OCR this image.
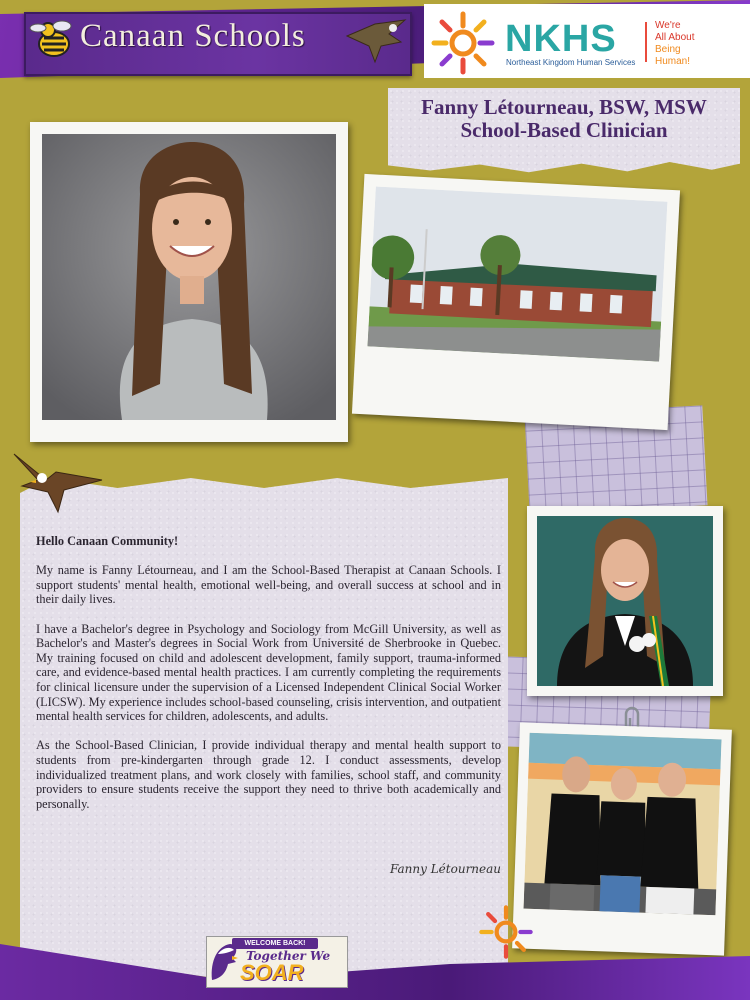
Canaan Schools	NKHS
Northeast Kingdom Human Services
We're
All About
Being
Human!
Fanny Létourneau, BSW, MSW
School-Based Clinician

Hello Canaan Community!

My name is Fanny Létourneau, and I am the School-Based Therapist at Canaan Schools. I support students' mental health, emotional well-being, and overall success at school and in their daily lives.

I have a Bachelor's degree in Psychology and Sociology from McGill University, as well as Bachelor's and Master's degrees in Social Work from Université de Sherbrooke in Quebec. My training focused on child and adolescent development, family support, trauma-informed care, and evidence-based mental health practices. I am currently completing the requirements for clinical licensure under the supervision of a Licensed Independent Clinical Social Worker (LICSW). My experience includes school-based counseling, crisis intervention, and outpatient mental health services for children, adolescents, and adults.

As the School-Based Clinician, I provide individual therapy and mental health support to students from pre-kindergarten through grade 12. I conduct assessments, develop individualized treatment plans, and work closely with families, school staff, and community providers to ensure students receive the support they need to thrive both academically and personally.

Fanny Létourneau
WELCOME BACK!
Together We
SOAR
